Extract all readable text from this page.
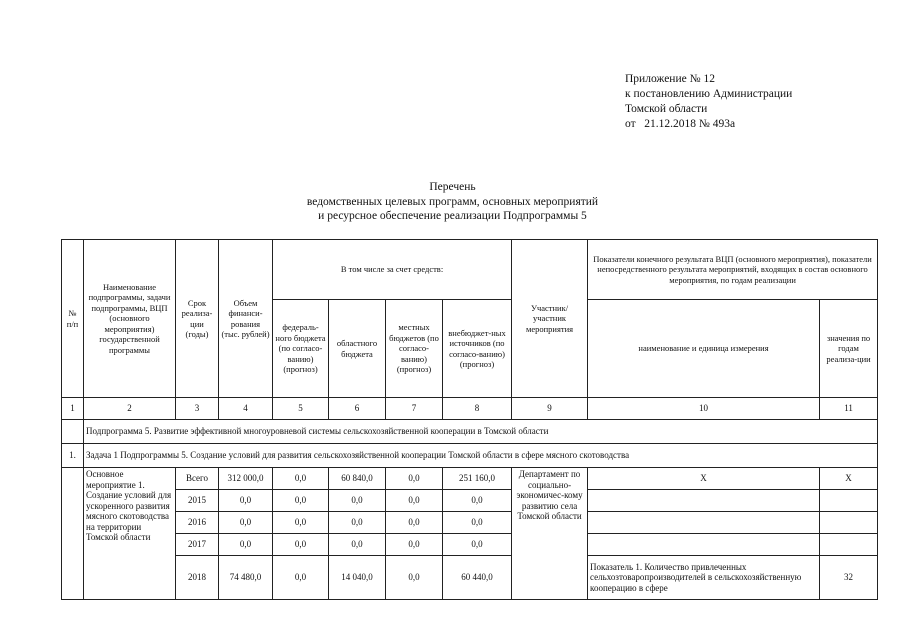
Приложение № 12
к постановлению Администрации
Томской области
от   21.12.2018 № 493а
Перечень
ведомственных целевых программ, основных мероприятий
и ресурсное обеспечение реализации Подпрограммы 5
№ п/п	Наименование подпрограммы, задачи подпрограммы, ВЦП (основного мероприятия) государственной программы	Срок реализа-ции (годы)	Объем финанси-рования (тыс. рублей)	В том числе за счет средств:				Участник/ участник мероприятия	Показатели конечного результата ВЦП (основного мероприятия), показатели непосредственного результата мероприятий, входящих в состав основного мероприятия, по годам реализации	
				федераль-ного бюджета (по согласо-ванию) (прогноз)	областного бюджета	местных бюджетов (по согласо-ванию) (прогноз)	внебюджет-ных источников (по согласо-ванию) (прогноз)		наименование и единица измерения	значения по годам реализа-ции
1	2	3	4	5	6	7	8	9	10	11
	Подпрограмма 5. Развитие эффективной многоуровневой системы сельскохозяйственной кооперации в Томской области									
1.	Задача 1 Подпрограммы 5. Создание условий для развития сельскохозяйственной кооперации Томской области в сфере мясного скотоводства									
	Основное мероприятие 1. Создание условий для ускоренного развития мясного скотоводства на территории Томской области	Всего	312 000,0	0,0	60 840,0	0,0	251 160,0	Департамент по социально-экономичес-кому развитию села Томской области	Х	Х
		2015	0,0	0,0	0,0	0,0	0,0			
		2016	0,0	0,0	0,0	0,0	0,0			
		2017	0,0	0,0	0,0	0,0	0,0			
		2018	74 480,0	0,0	14 040,0	0,0	60 440,0		Показатель 1. Количество привлеченных сельхозтоваропроизводителей в сельскохозяйственную кооперацию в сфере	32
